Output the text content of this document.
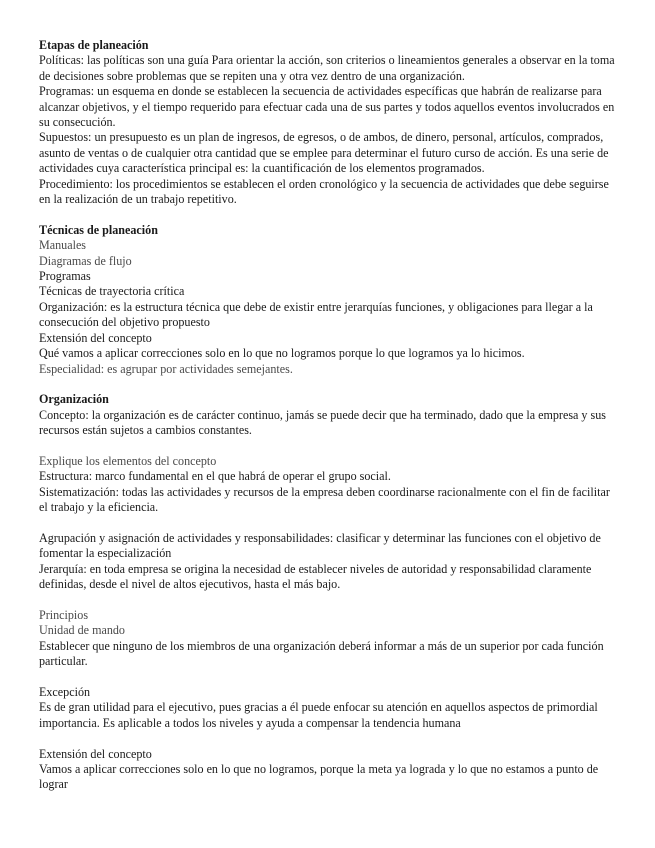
Etapas de planeación

Políticas: las políticas son una guía Para orientar la acción, son criterios o lineamientos generales a observar en la toma de decisiones sobre problemas que se repiten una y otra vez dentro de una organización.

Programas: un esquema en donde se establecen la secuencia de actividades específicas que habrán de realizarse para alcanzar objetivos, y el tiempo requerido para efectuar cada una de sus partes y todos aquellos eventos involucrados en su consecución.

Supuestos: un presupuesto es un plan de ingresos, de egresos, o de ambos, de dinero, personal, artículos, comprados, asunto de ventas o de cualquier otra cantidad que se emplee para determinar el futuro curso de acción. Es una serie de actividades cuya característica principal es: la cuantificación de los elementos programados.

Procedimiento: los procedimientos se establecen el orden cronológico y la secuencia de actividades que debe seguirse en la realización de un trabajo repetitivo.

Técnicas de planeación

Manuales

Diagramas de flujo

Programas

Técnicas de trayectoria crítica

Organización: es la estructura técnica que debe de existir entre jerarquías funciones, y obligaciones para llegar a la consecución del objetivo propuesto

Extensión del concepto

Qué vamos a aplicar correcciones solo en lo que no logramos porque lo que logramos ya lo hicimos.

Especialidad: es agrupar por actividades semejantes.

Organización

Concepto: la organización es de carácter continuo, jamás se puede decir que ha terminado, dado que la empresa y sus recursos están sujetos a cambios constantes.

Explique los elementos del concepto

Estructura: marco fundamental en el que habrá de operar el grupo social.

Sistematización: todas las actividades y recursos de la empresa deben coordinarse racionalmente con el fin de facilitar el trabajo y la eficiencia.

Agrupación y asignación de actividades y responsabilidades: clasificar y determinar las funciones con el objetivo de fomentar la especialización

Jerarquía: en toda empresa se origina la necesidad de establecer niveles de autoridad y responsabilidad claramente definidas, desde el nivel de altos ejecutivos, hasta el más bajo.

Principios

Unidad de mando

Establecer que ninguno de los miembros de una organización deberá informar a más de un superior por cada función particular.

Excepción

Es de gran utilidad para el ejecutivo, pues gracias a él puede enfocar su atención en aquellos aspectos de primordial importancia. Es aplicable a todos los niveles y ayuda a compensar la tendencia humana

Extensión del concepto

Vamos a aplicar correcciones solo en lo que no logramos, porque la meta ya lograda y lo que no estamos a punto de lograr
